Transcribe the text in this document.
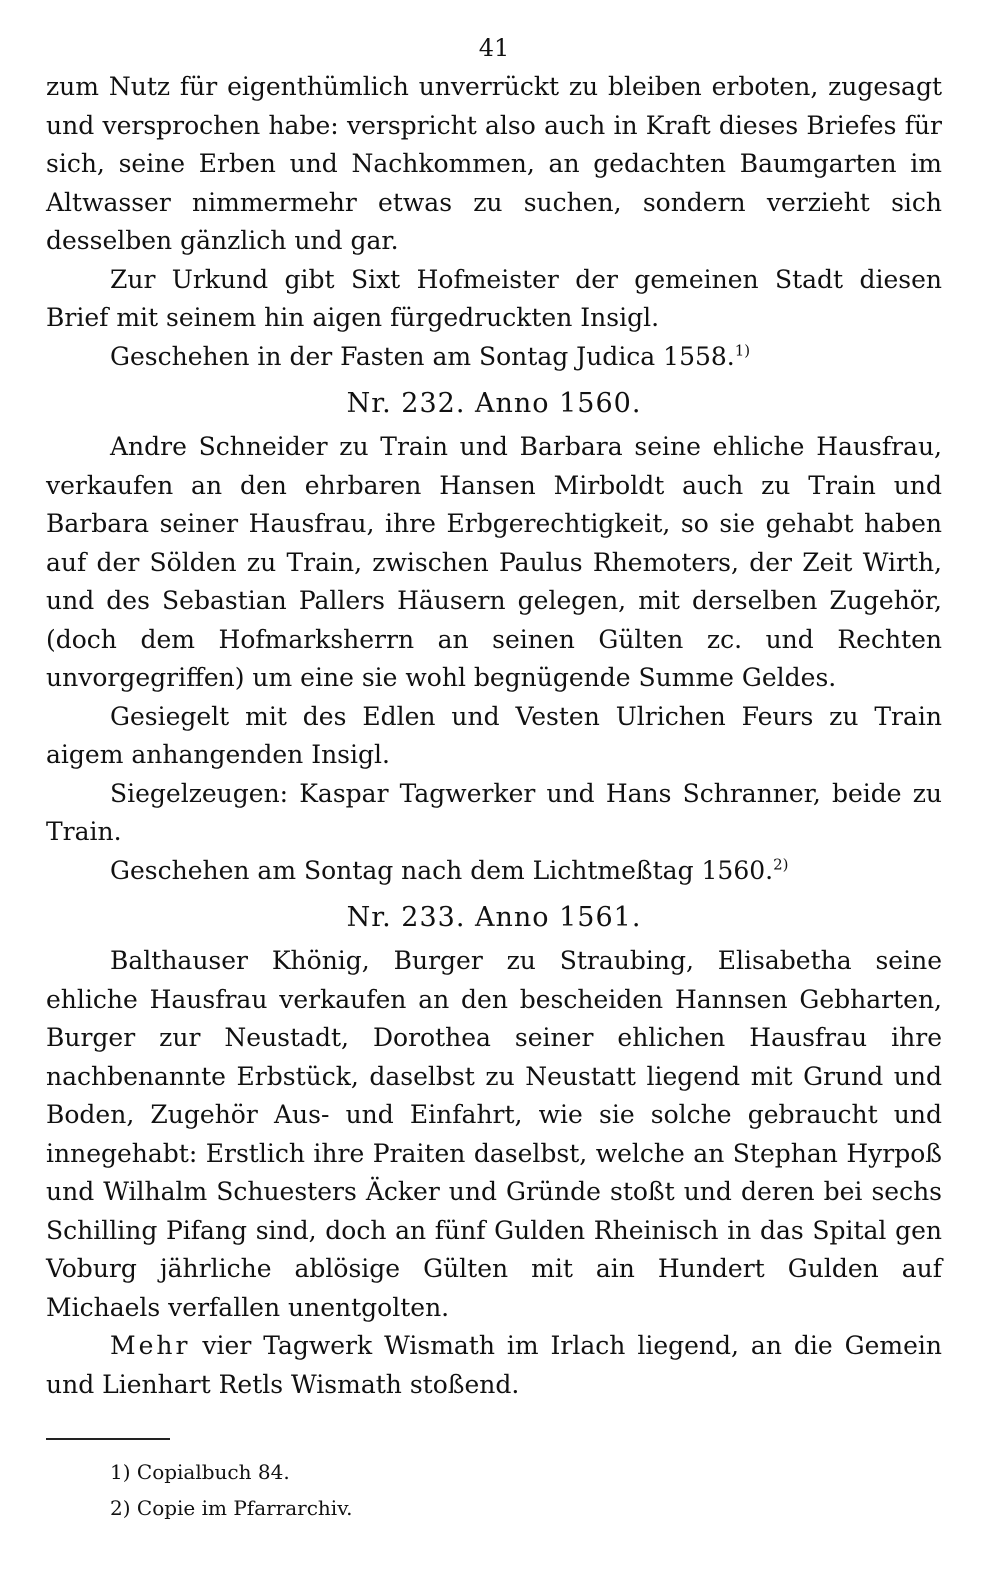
41

zum Nutz für eigenthümlich unverrückt zu bleiben erboten, zugesagt und versprochen habe: verspricht also auch in Kraft dieses Briefes für sich, seine Erben und Nachkommen, an gedachten Baumgarten im Altwasser nimmermehr etwas zu suchen, sondern verzieht sich desselben gänzlich und gar.

Zur Urkund gibt Sixt Hofmeister der gemeinen Stadt diesen Brief mit seinem hin aigen fürgedruckten Insigl.

Geschehen in der Fasten am Sontag Judica 1558.$^{1)}$

Nr. 232. Anno 1560.

Andre Schneider zu Train und Barbara seine ehliche Hausfrau, verkaufen an den ehrbaren Hansen Mirboldt auch zu Train und Barbara seiner Hausfrau, ihre Erbgerechtigkeit, so sie gehabt haben auf der Sölden zu Train, zwischen Paulus Rhemoters, der Zeit Wirth, und des Sebastian Pallers Häusern gelegen, mit derselben Zugehör, (doch dem Hofmarksherrn an seinen Gülten zc. und Rechten unvorgegriffen) um eine sie wohl begnügende Summe Geldes.

Gesiegelt mit des Edlen und Vesten Ulrichen Feurs zu Train aigem anhangenden Insigl.

Siegelzeugen: Kaspar Tagwerker und Hans Schranner, beide zu Train.

Geschehen am Sontag nach dem Lichtmeßtag 1560.$^{2)}$

Nr. 233. Anno 1561.

Balthauser Khönig, Burger zu Straubing, Elisabetha seine ehliche Hausfrau verkaufen an den bescheiden Hannsen Gebharten, Burger zur Neustadt, Dorothea seiner ehlichen Hausfrau ihre nachbenannte Erbstück, daselbst zu Neustatt liegend mit Grund und Boden, Zugehör Aus- und Einfahrt, wie sie solche gebraucht und innegehabt: Erstlich ihre Praiten daselbst, welche an Stephan Hyrpoß und Wilhalm Schuesters Äcker und Gründe stoßt und deren bei sechs Schilling Pifang sind, doch an fünf Gulden Rheinisch in das Spital gen Voburg jährliche ablösige Gülten mit ain Hundert Gulden auf Michaels verfallen unentgolten.

Mehr vier Tagwerk Wismath im Irlach liegend, an die Gemein und Lienhart Retls Wismath stoßend.

1) Copialbuch 84.
2) Copie im Pfarrarchiv.
